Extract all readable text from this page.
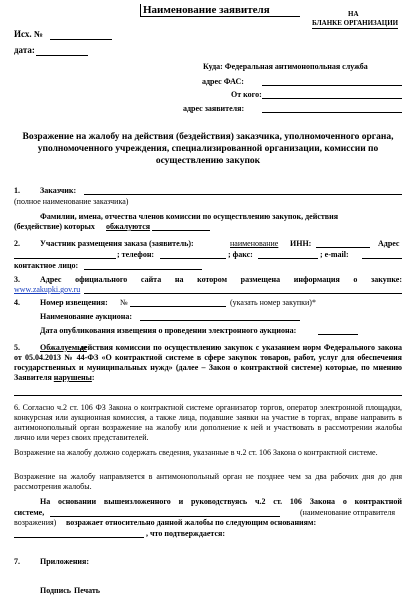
Наименование заявителя	НА
БЛАНКЕ ОРГАНИЗАЦИИ
Исх. №
дата:
Куда: Федеральная антимонопольная служба
адрес ФАС:
От кого:
адрес заявителя:
Возражение на жалобу на действия (бездействия) заказчика, уполномоченного органа, уполномоченного учреждения, специализированной организации, комиссии по осуществлению закупок
1.	Заказчик:
(полное наименование заказчика)
Фамилии, имена, отчества членов комиссии по осуществлению закупок, действия
(бездействие) которых обжалуются
2.	Участник размещения заказа (заявитель):	наименование ИНН:	Адрес
; телефон:	; факс:	; e-mail:
контактное лицо:
3.	Адрес официального сайта на котором размещена информация о закупке:
www.zakupki.gov.ru
4.	Номер извещения: №	(указать номер закупки)*
Наименование аукциона:
Дата опубликования извещения о проведении электронного аукциона:
5.	Обжалуемые
действия комиссии по осуществлению закупок с указанием норм Федерального закона от 05.04.2013 № 44-ФЗ «О контрактной системе в сфере закупок товаров, работ, услуг для обеспечения государственных и муниципальных нужд» (далее – Закон о контрактной системе) которые, по мнению Заявителя нарушены:
6. Согласно ч.2 ст. 106 ФЗ Закона о контрактной системе организатор торгов, оператор электронной площадки, конкурсная или аукционная комиссия, а также лица, подавшие заявки на участие в торгах, вправе направить в антимонопольный орган возражение на жалобу или дополнение к ней и участвовать в рассмотрении жалобы лично или через своих представителей.
Возражение на жалобу должно содержать сведения, указанные в ч.2 ст. 106 Закона о контрактной системе.
Возражение на жалобу направляется в антимонопольный орган не позднее чем за два рабочих дня до дня рассмотрения жалобы.
На основании вышеизложенного и руководствуясь ч.2 ст. 106 Закона о контрактной
системе,	(наименование отправителя
возражения) возражает относительно данной жалобы по следующим основаниям:
, что подтверждается:
7.	Приложения:
Подпись Печать
